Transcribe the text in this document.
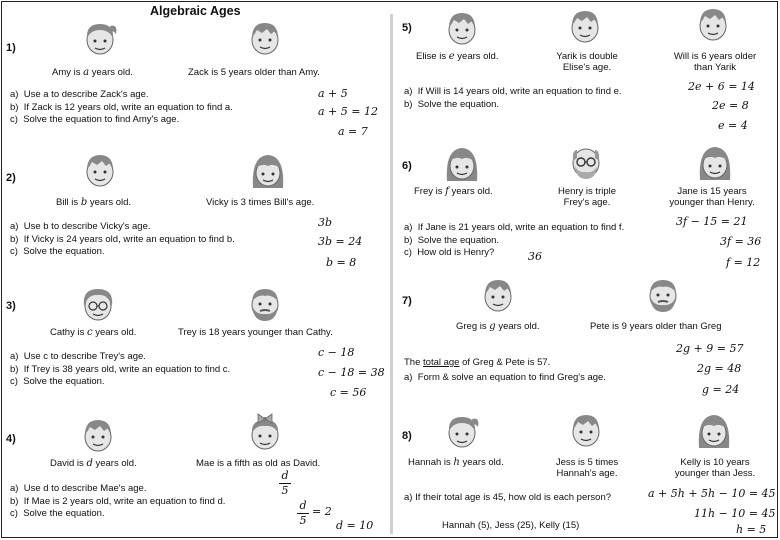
Algebraic Ages
1)
Amy is a years old.	Zack is 5 years older than Amy.
a)  Use a to describe Zack's age.
b)  If Zack is 12 years old, write an equation to find a.
c)  Solve the equation to find Amy's age.
a + 5
a + 5 = 12
a = 7
2)
Bill is b years old.	Vicky is 3 times Bill's age.
a)  Use b to describe Vicky's age.
b)  If Vicky is 24 years old, write an equation to find b.
c)  Solve the equation.
3b
3b = 24
b = 8
3)
Cathy is c years old.	Trey is 18 years younger than Cathy.
a)  Use c to describe Trey's age.
b)  If Trey is 38 years old, write an equation to find c.
c)  Solve the equation.
c − 18
c − 18 = 38
c = 56
4)
David is d years old.	Mae is a fifth as old as David.
a)  Use d to describe Mae's age.
b)  If Mae is 2 years old, write an equation to find d.
c)  Solve the equation.
d
5
d
5
= 2
d = 10
5)
Elise is e years old.	Yarik is double Elise's age.
Will is 6 years older than Yarik
a)  If Will is 14 years old, write an equation to find e.
b)  Solve the equation.
2e + 6 = 14
2e = 8
e = 4
6)
Frey is f years old.	Henry is triple Frey's age.
Jane is 15 years younger than Henry.
a)  If Jane is 21 years old, write an equation to find f.
b)  Solve the equation.
c)  How old is Henry?	36
3f − 15 = 21
3f = 36
f = 12
7)
Greg is g years old.	Pete is 9 years older than Greg
The total age of Greg & Pete is 57.
a)  Form & solve an equation to find Greg's age.
2g + 9 = 57
2g = 48
g = 24
8)
Hannah is h years old.	Jess is 5 times Hannah's age.
Kelly is 10 years younger than Jess.
a) If their total age is 45, how old is each person?
Hannah (5), Jess (25), Kelly (15)
a + 5h + 5h − 10 = 45
11h − 10 = 45
h = 5
